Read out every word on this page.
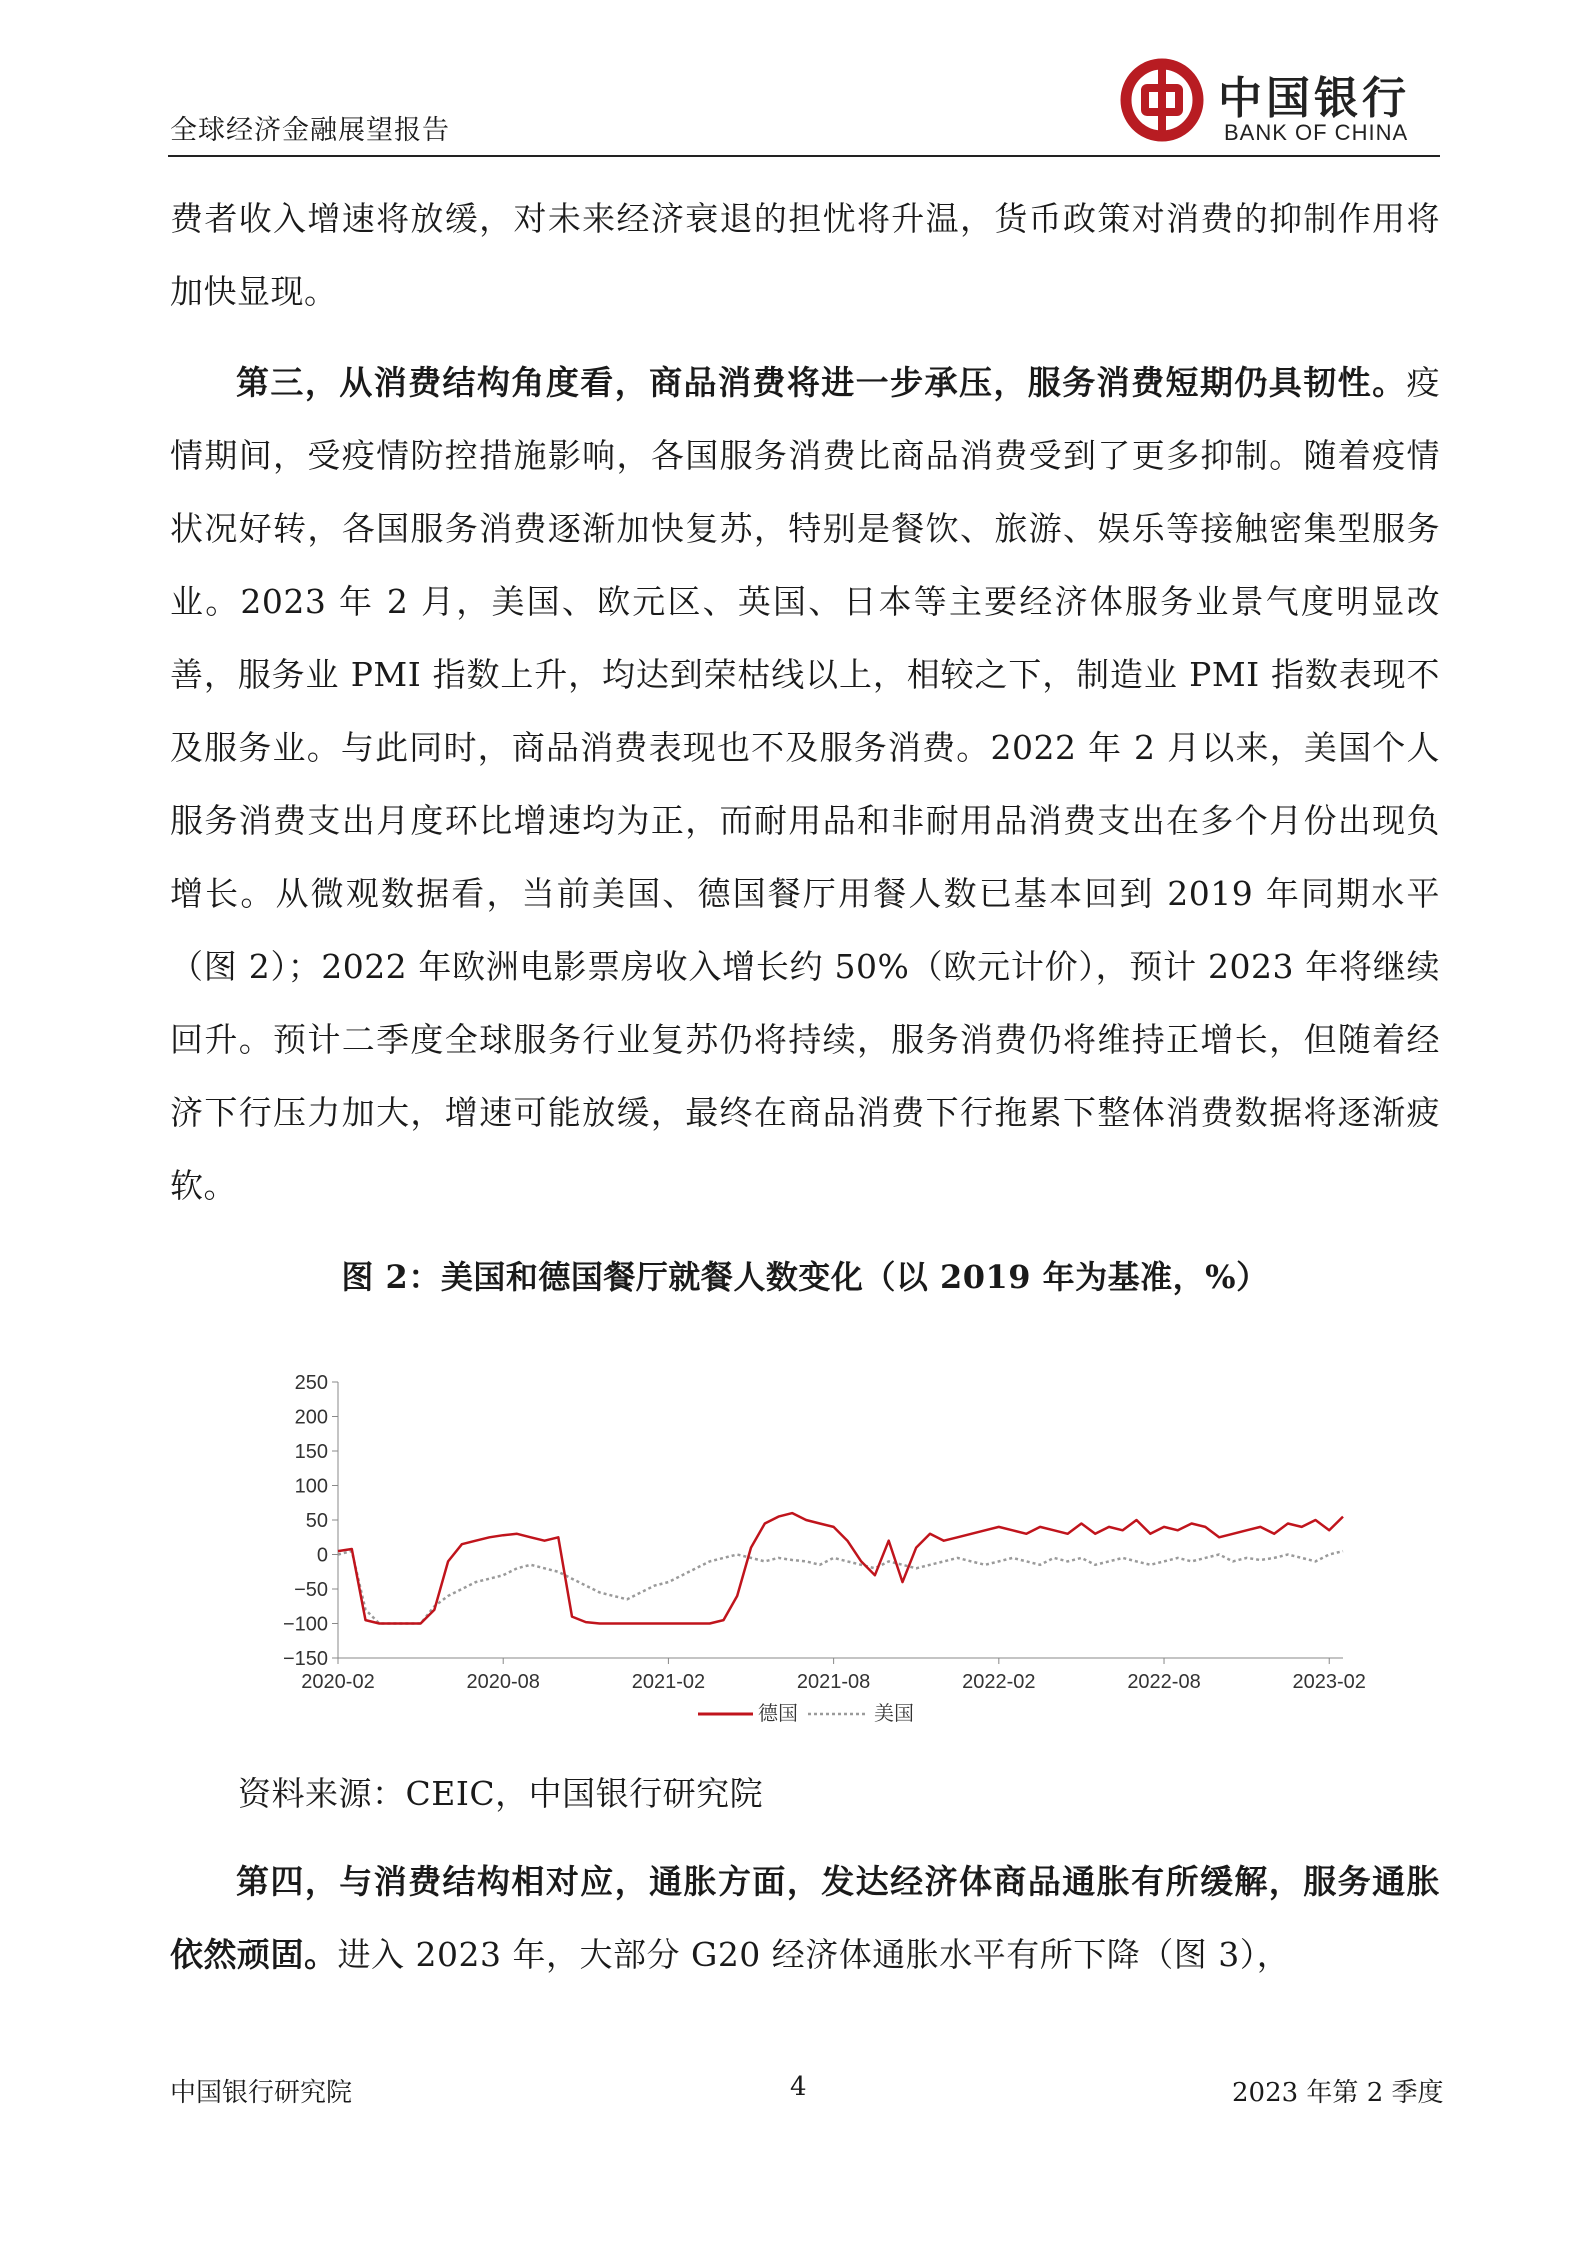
全球经济金融展望报告
中国银行
BANK OF CHINA

费者收入增速将放缓，对未来经济衰退的担忧将升温，货币政策对消费的抑制作用将加快显现。

第三，从消费结构角度看，商品消费将进一步承压，服务消费短期仍具韧性。疫情期间，受疫情防控措施影响，各国服务消费比商品消费受到了更多抑制。随着疫情状况好转，各国服务消费逐渐加快复苏，特别是餐饮、旅游、娱乐等接触密集型服务业。2023 年 2 月，美国、欧元区、英国、日本等主要经济体服务业景气度明显改善，服务业 PMI 指数上升，均达到荣枯线以上，相较之下，制造业 PMI 指数表现不及服务业。与此同时，商品消费表现也不及服务消费。2022 年 2 月以来，美国个人服务消费支出月度环比增速均为正，而耐用品和非耐用品消费支出在多个月份出现负增长。从微观数据看，当前美国、德国餐厅用餐人数已基本回到 2019 年同期水平（图 2）；2022 年欧洲电影票房收入增长约 50%（欧元计价），预计 2023 年将继续回升。预计二季度全球服务行业复苏仍将持续，服务消费仍将维持正增长，但随着经济下行压力加大，增速可能放缓，最终在商品消费下行拖累下整体消费数据将逐渐疲软。

图 2：美国和德国餐厅就餐人数变化（以 2019 年为基准，%）
250
200
150
100
50
0
−50
−100
−150
2020-02	2020-08	2021-02	2021-08	2022-02	2022-08	2023-02
德国	美国
资料来源：CEIC，中国银行研究院

第四，与消费结构相对应，通胀方面，发达经济体商品通胀有所缓解，服务通胀依然顽固。进入 2023 年，大部分 G20 经济体通胀水平有所下降（图 3），

中国银行研究院	4	2023 年第 2 季度
